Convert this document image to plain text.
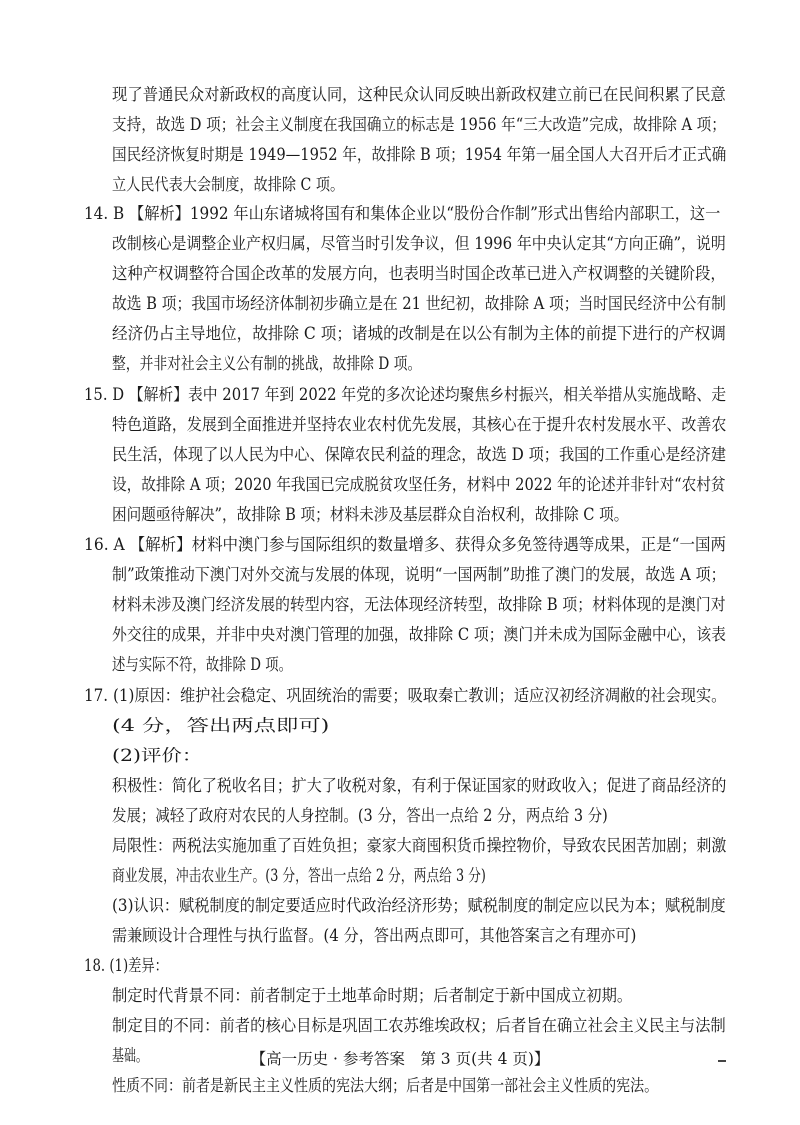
现了普通民众对新政权的高度认同，这种民众认同反映出新政权建立前已在民间积累了民意
支持，故选 D 项；社会主义制度在我国确立的标志是 1956 年“三大改造”完成，故排除 A 项；
国民经济恢复时期是 1949—1952 年，故排除 B 项；1954 年第一届全国人大召开后才正式确
立人民代表大会制度，故排除 C 项。
14. B 【解析】1992 年山东诸城将国有和集体企业以“股份合作制”形式出售给内部职工，这一
改制核心是调整企业产权归属，尽管当时引发争议，但 1996 年中央认定其“方向正确”，说明
这种产权调整符合国企改革的发展方向，也表明当时国企改革已进入产权调整的关键阶段，
故选 B 项；我国市场经济体制初步确立是在 21 世纪初，故排除 A 项；当时国民经济中公有制
经济仍占主导地位，故排除 C 项；诸城的改制是在以公有制为主体的前提下进行的产权调
整，并非对社会主义公有制的挑战，故排除 D 项。
15. D 【解析】表中 2017 年到 2022 年党的多次论述均聚焦乡村振兴，相关举措从实施战略、走
特色道路，发展到全面推进并坚持农业农村优先发展，其核心在于提升农村发展水平、改善农
民生活，体现了以人民为中心、保障农民利益的理念，故选 D 项；我国的工作重心是经济建
设，故排除 A 项；2020 年我国已完成脱贫攻坚任务，材料中 2022 年的论述并非针对“农村贫
困问题亟待解决”，故排除 B 项；材料未涉及基层群众自治权利，故排除 C 项。
16. A 【解析】材料中澳门参与国际组织的数量增多、获得众多免签待遇等成果，正是“一国两
制”政策推动下澳门对外交流与发展的体现，说明“一国两制”助推了澳门的发展，故选 A 项；
材料未涉及澳门经济发展的转型内容，无法体现经济转型，故排除 B 项；材料体现的是澳门对
外交往的成果，并非中央对澳门管理的加强，故排除 C 项；澳门并未成为国际金融中心，该表
述与实际不符，故排除 D 项。
17. (1)原因：维护社会稳定、巩固统治的需要；吸取秦亡教训；适应汉初经济凋敝的社会现实。
(4 分，答出两点即可)
(2)评价：
积极性：简化了税收名目；扩大了收税对象，有利于保证国家的财政收入；促进了商品经济的
发展；减轻了政府对农民的人身控制。(3 分，答出一点给 2 分，两点给 3 分)
局限性：两税法实施加重了百姓负担；豪家大商囤积货币操控物价，导致农民困苦加剧；刺激
商业发展，冲击农业生产。(3 分，答出一点给 2 分，两点给 3 分)
(3)认识：赋税制度的制定要适应时代政治经济形势；赋税制度的制定应以民为本；赋税制度
需兼顾设计合理性与执行监督。(4 分，答出两点即可，其他答案言之有理亦可)
18. (1)差异：
制定时代背景不同：前者制定于土地革命时期；后者制定于新中国成立初期。
制定目的不同：前者的核心目标是巩固工农苏维埃政权；后者旨在确立社会主义民主与法制
基础。
性质不同：前者是新民主主义性质的宪法大纲；后者是中国第一部社会主义性质的宪法。
【高一历史 · 参考答案　第 3 页(共 4 页)】
